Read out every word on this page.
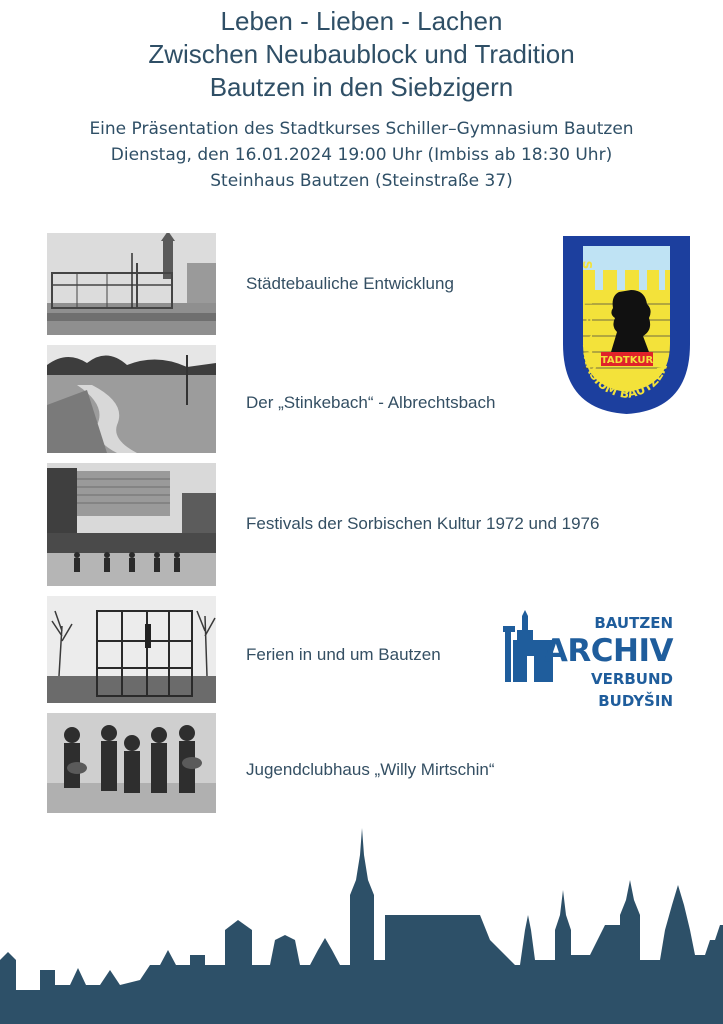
Leben - Lieben - Lachen
Zwischen Neubaublock und Tradition
Bautzen in den Siebzigern
Eine Präsentation des Stadtkurses Schiller–Gymnasium Bautzen
Dienstag, den 16.01.2024 19:00 Uhr (Imbiss ab 18:30 Uhr)
Steinhaus Bautzen (Steinstraße 37)
Städtebauliche Entwicklung
Der „Stinkebach“ - Albrechtsbach
Festivals der Sorbischen Kultur 1972 und 1976
Ferien in und um Bautzen
Jugendclubhaus „Willy Mirtschin“
STADTKURS
SCHILLERGYMNASIUM BAUTZEN
BAUTZEN
ARCHIV
VERBUND
BUDYŠIN
